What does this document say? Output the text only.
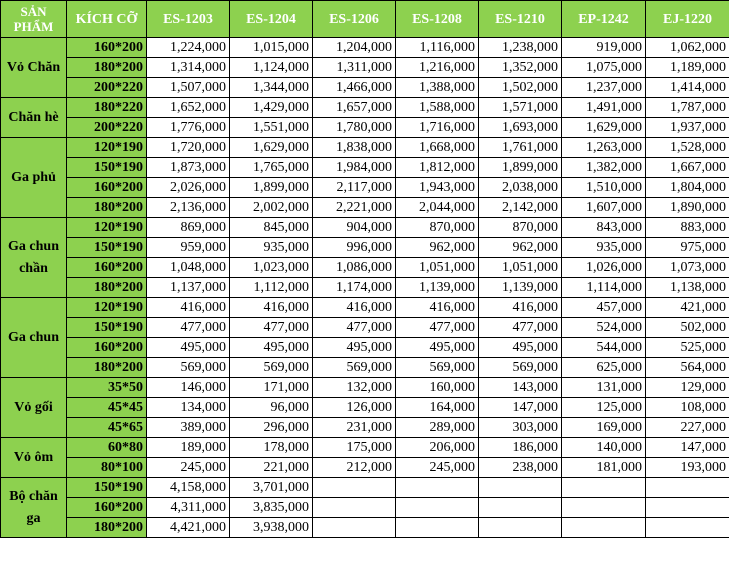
SẢN PHẨM	KÍCH CỠ	ES-1203	ES-1204	ES-1206	ES-1208	ES-1210	EP-1242	EJ-1220
Vỏ Chăn	160*200	1,224,000	1,015,000	1,204,000	1,116,000	1,238,000	919,000	1,062,000
	180*200	1,314,000	1,124,000	1,311,000	1,216,000	1,352,000	1,075,000	1,189,000
	200*220	1,507,000	1,344,000	1,466,000	1,388,000	1,502,000	1,237,000	1,414,000
Chăn hè	180*220	1,652,000	1,429,000	1,657,000	1,588,000	1,571,000	1,491,000	1,787,000
	200*220	1,776,000	1,551,000	1,780,000	1,716,000	1,693,000	1,629,000	1,937,000
Ga phủ	120*190	1,720,000	1,629,000	1,838,000	1,668,000	1,761,000	1,263,000	1,528,000
	150*190	1,873,000	1,765,000	1,984,000	1,812,000	1,899,000	1,382,000	1,667,000
	160*200	2,026,000	1,899,000	2,117,000	1,943,000	2,038,000	1,510,000	1,804,000
	180*200	2,136,000	2,002,000	2,221,000	2,044,000	2,142,000	1,607,000	1,890,000
Ga chun chần	120*190	869,000	845,000	904,000	870,000	870,000	843,000	883,000
	150*190	959,000	935,000	996,000	962,000	962,000	935,000	975,000
	160*200	1,048,000	1,023,000	1,086,000	1,051,000	1,051,000	1,026,000	1,073,000
	180*200	1,137,000	1,112,000	1,174,000	1,139,000	1,139,000	1,114,000	1,138,000
Ga chun	120*190	416,000	416,000	416,000	416,000	416,000	457,000	421,000
	150*190	477,000	477,000	477,000	477,000	477,000	524,000	502,000
	160*200	495,000	495,000	495,000	495,000	495,000	544,000	525,000
	180*200	569,000	569,000	569,000	569,000	569,000	625,000	564,000
Vỏ gối	35*50	146,000	171,000	132,000	160,000	143,000	131,000	129,000
	45*45	134,000	96,000	126,000	164,000	147,000	125,000	108,000
	45*65	389,000	296,000	231,000	289,000	303,000	169,000	227,000
Vỏ ôm	60*80	189,000	178,000	175,000	206,000	186,000	140,000	147,000
	80*100	245,000	221,000	212,000	245,000	238,000	181,000	193,000
Bộ chăn ga	150*190	4,158,000	3,701,000					
	160*200	4,311,000	3,835,000					
	180*200	4,421,000	3,938,000					
